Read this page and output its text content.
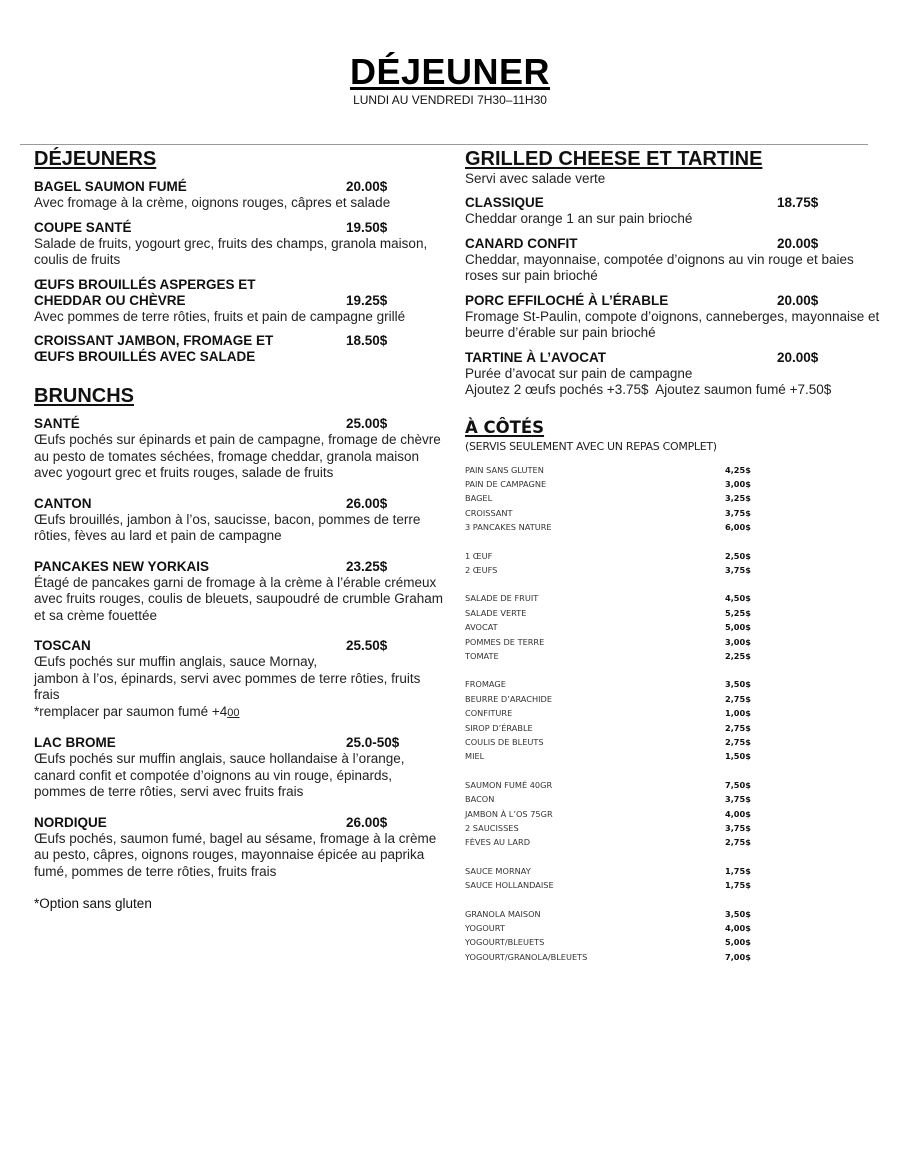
DÉJEUNER
LUNDI AU VENDREDI 7H30–11H30
DÉJEUNERS
BAGEL SAUMON FUMÉ	20.00$
Avec fromage à la crème, oignons rouges, câpres et salade
COUPE SANTÉ	19.50$
Salade de fruits, yogourt grec, fruits des champs, granola maison, coulis de fruits
ŒUFS BROUILLÉS ASPERGES ET
CHEDDAR OU CHÈVRE	19.25$
Avec pommes de terre rôties, fruits et pain de campagne grillé
CROISSANT JAMBON, FROMAGE ET	18.50$
ŒUFS BROUILLÉS AVEC SALADE
BRUNCHS
SANTÉ	25.00$
Œufs pochés sur épinards et pain de campagne, fromage de chèvre au pesto de tomates séchées, fromage cheddar, granola maison avec yogourt grec et fruits rouges, salade de fruits
CANTON	26.00$
Œufs brouillés, jambon à l’os, saucisse, bacon, pommes de terre rôties, fèves au lard et pain de campagne
PANCAKES NEW YORKAIS	23.25$
Étagé de pancakes garni de fromage à la crème à l’érable crémeux avec fruits rouges, coulis de bleuets, saupoudré de crumble Graham et sa crème fouettée
TOSCAN	25.50$
Œufs pochés sur muffin anglais, sauce Mornay,
jambon à l’os, épinards, servi avec pommes de terre rôties, fruits frais
*remplacer par saumon fumé +400
LAC BROME	25.0-50$
Œufs pochés sur muffin anglais, sauce hollandaise à l’orange, canard confit et compotée d’oignons au vin rouge, épinards, pommes de terre rôties, servi avec fruits frais
NORDIQUE	26.00$
Œufs pochés, saumon fumé, bagel au sésame, fromage à la crème au pesto, câpres, oignons rouges, mayonnaise épicée au paprika fumé, pommes de terre rôties, fruits frais
*Option sans gluten
GRILLED CHEESE ET TARTINE
Servi avec salade verte
CLASSIQUE	18.75$
Cheddar orange 1 an sur pain brioché
CANARD CONFIT	20.00$
Cheddar, mayonnaise, compotée d’oignons au vin rouge et baies roses sur pain brioché
PORC EFFILOCHÉ À L’ÉRABLE	20.00$
Fromage St-Paulin, compote d’oignons, canneberges, mayonnaise et beurre d’érable sur pain brioché
TARTINE À L’AVOCAT	20.00$
Purée d’avocat sur pain de campagne
Ajoutez 2 œufs pochés +3.75$  Ajoutez saumon fumé +7.50$
À CÔTÉS
(SERVIS SEULEMENT AVEC UN REPAS COMPLET)
PAIN SANS GLUTEN	4,25$
PAIN DE CAMPAGNE	3,00$
BAGEL	3,25$
CROISSANT	3,75$
3 PANCAKES NATURE	6,00$
1 ŒUF	2,50$
2 ŒUFS	3,75$
SALADE DE FRUIT	4,50$
SALADE VERTE	5,25$
AVOCAT	5,00$
POMMES DE TERRE	3,00$
TOMATE	2,25$
FROMAGE	3,50$
BEURRE D’ARACHIDE	2,75$
CONFITURE	1,00$
SIROP D’ÉRABLE	2,75$
COULIS DE BLEUTS	2,75$
MIEL	1,50$
SAUMON FUMÉ 40GR	7,50$
BACON	3,75$
JAMBON À L’OS 75GR	4,00$
2 SAUCISSES	3,75$
FÈVES AU LARD	2,75$
SAUCE MORNAY	1,75$
SAUCE HOLLANDAISE	1,75$
GRANOLA MAISON	3,50$
YOGOURT	4,00$
YOGOURT/BLEUETS	5,00$
YOGOURT/GRANOLA/BLEUETS	7,00$
